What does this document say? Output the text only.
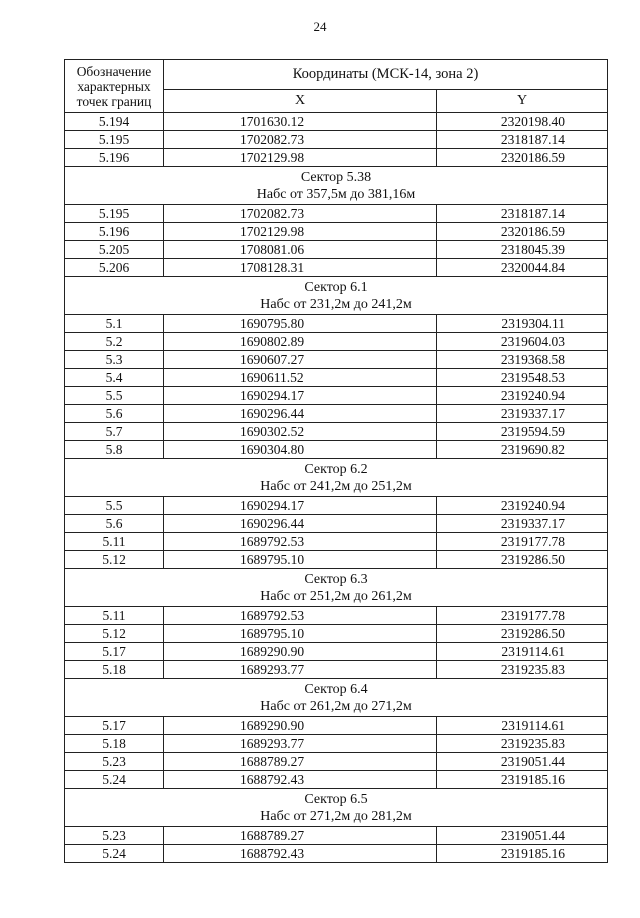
24
Обозначение характерных точек границ	Координаты (МСК-14, зона 2)	
	X	Y
5.194	1701630.12	2320198.40
5.195	1702082.73	2318187.14
5.196	1702129.98	2320186.59

Сектор 5.38
Набс от 357,5м до 381,16м		

5.195	1702082.73	2318187.14
5.196	1702129.98	2320186.59
5.205	1708081.06	2318045.39
5.206	1708128.31	2320044.84

Сектор 6.1
Набс от 231,2м до 241,2м		

5.1	1690795.80	2319304.11
5.2	1690802.89	2319604.03
5.3	1690607.27	2319368.58
5.4	1690611.52	2319548.53
5.5	1690294.17	2319240.94
5.6	1690296.44	2319337.17
5.7	1690302.52	2319594.59
5.8	1690304.80	2319690.82

Сектор 6.2
Набс от 241,2м до 251,2м		

5.5	1690294.17	2319240.94
5.6	1690296.44	2319337.17
5.11	1689792.53	2319177.78
5.12	1689795.10	2319286.50

Сектор 6.3
Набс от 251,2м до 261,2м		

5.11	1689792.53	2319177.78
5.12	1689795.10	2319286.50
5.17	1689290.90	2319114.61
5.18	1689293.77	2319235.83

Сектор 6.4
Набс от 261,2м до 271,2м		

5.17	1689290.90	2319114.61
5.18	1689293.77	2319235.83
5.23	1688789.27	2319051.44
5.24	1688792.43	2319185.16

Сектор 6.5
Набс от 271,2м до 281,2м		

5.23	1688789.27	2319051.44
5.24	1688792.43	2319185.16
